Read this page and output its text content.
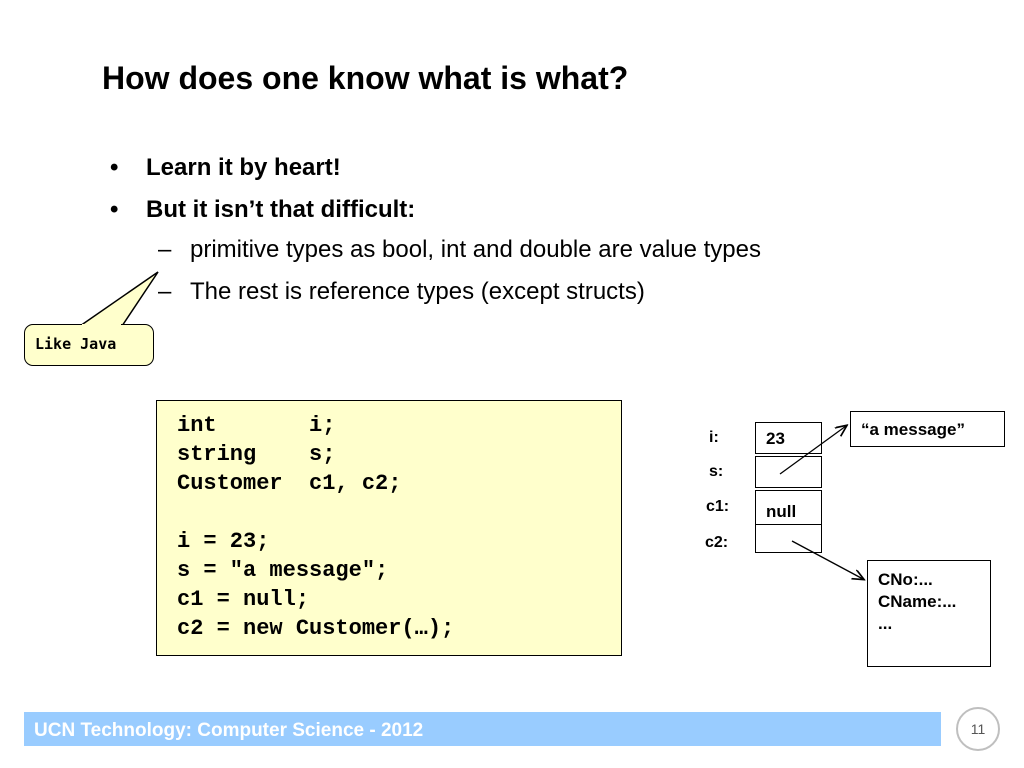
How does one know what is what?
• Learn it by heart!
• But it isn’t that difficult:
– primitive types as bool, int and double are value types
– The rest is reference types (except structs)
Like Java
int       i;
string    s;
Customer  c1, c2;
i = 23;
s = "a message";
c1 = null;
c2 = new Customer(…);
i:
s:
c1:
c2:
23
null
“a message”
CNo:...
CName:...
...
UCN Technology: Computer Science - 2012	11
